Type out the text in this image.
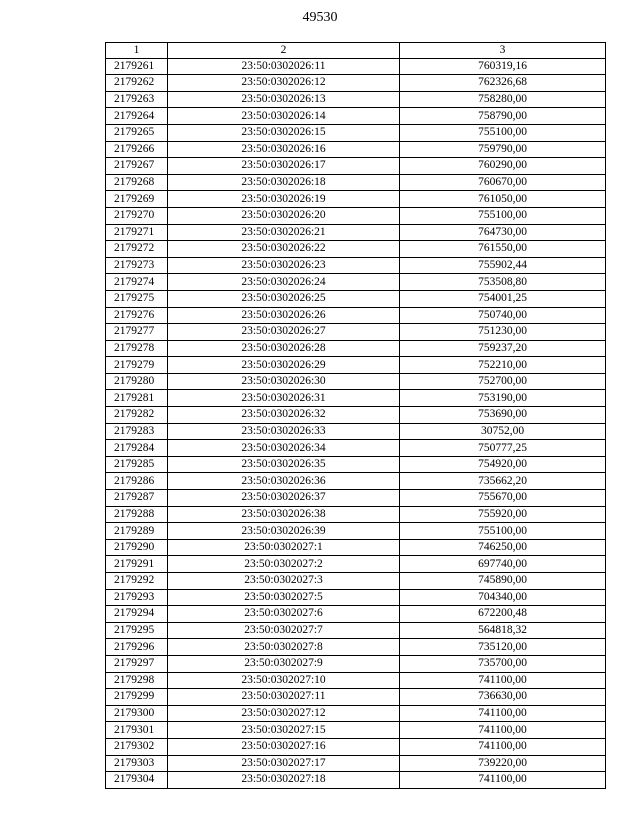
49530
1	2	3
2179261	23:50:0302026:11	760319,16
2179262	23:50:0302026:12	762326,68
2179263	23:50:0302026:13	758280,00
2179264	23:50:0302026:14	758790,00
2179265	23:50:0302026:15	755100,00
2179266	23:50:0302026:16	759790,00
2179267	23:50:0302026:17	760290,00
2179268	23:50:0302026:18	760670,00
2179269	23:50:0302026:19	761050,00
2179270	23:50:0302026:20	755100,00
2179271	23:50:0302026:21	764730,00
2179272	23:50:0302026:22	761550,00
2179273	23:50:0302026:23	755902,44
2179274	23:50:0302026:24	753508,80
2179275	23:50:0302026:25	754001,25
2179276	23:50:0302026:26	750740,00
2179277	23:50:0302026:27	751230,00
2179278	23:50:0302026:28	759237,20
2179279	23:50:0302026:29	752210,00
2179280	23:50:0302026:30	752700,00
2179281	23:50:0302026:31	753190,00
2179282	23:50:0302026:32	753690,00
2179283	23:50:0302026:33	30752,00
2179284	23:50:0302026:34	750777,25
2179285	23:50:0302026:35	754920,00
2179286	23:50:0302026:36	735662,20
2179287	23:50:0302026:37	755670,00
2179288	23:50:0302026:38	755920,00
2179289	23:50:0302026:39	755100,00
2179290	23:50:0302027:1	746250,00
2179291	23:50:0302027:2	697740,00
2179292	23:50:0302027:3	745890,00
2179293	23:50:0302027:5	704340,00
2179294	23:50:0302027:6	672200,48
2179295	23:50:0302027:7	564818,32
2179296	23:50:0302027:8	735120,00
2179297	23:50:0302027:9	735700,00
2179298	23:50:0302027:10	741100,00
2179299	23:50:0302027:11	736630,00
2179300	23:50:0302027:12	741100,00
2179301	23:50:0302027:15	741100,00
2179302	23:50:0302027:16	741100,00
2179303	23:50:0302027:17	739220,00
2179304	23:50:0302027:18	741100,00
